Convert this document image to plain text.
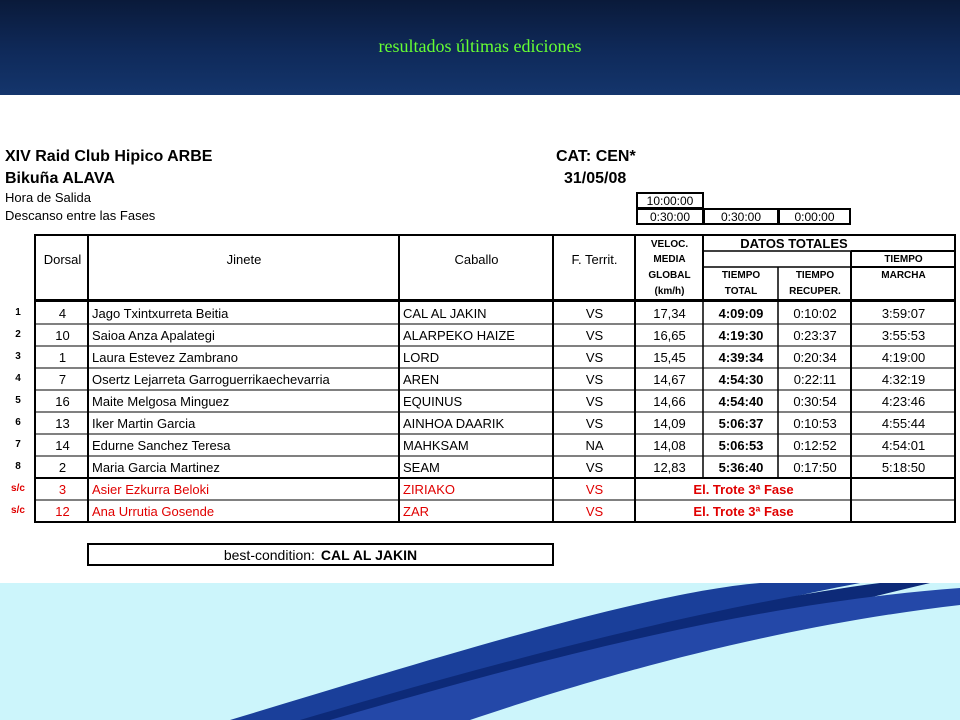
resultados últimas ediciones
XIV Raid Club Hipico ARBE
Bikuña ALAVA
Hora de Salida
Descanso entre las Fases
CAT: CEN*
31/05/08
10:00:00
0:30:00	0:30:00	0:00:00
Dorsal	Jinete	Caballo	F. Territ.
VELOC.
MEDIA
GLOBAL
(km/h)
DATOS TOTALES
TIEMPO
TOTAL
TIEMPO
RECUPER.
TIEMPO
MARCHA
1	4	Jago Txintxurreta Beitia	CAL AL JAKIN	VS	17,34	4:09:09	0:10:02	3:59:07
2	10	Saioa Anza Apalategi	ALARPEKO HAIZE	VS	16,65	4:19:30	0:23:37	3:55:53
3	1	Laura Estevez Zambrano	LORD	VS	15,45	4:39:34	0:20:34	4:19:00
4	7	Osertz Lejarreta Garroguerrikaechevarria	AREN	VS	14,67	4:54:30	0:22:11	4:32:19
5	16	Maite Melgosa Minguez	EQUINUS	VS	14,66	4:54:40	0:30:54	4:23:46
6	13	Iker Martin Garcia	AINHOA DAARIK	VS	14,09	5:06:37	0:10:53	4:55:44
7	14	Edurne Sanchez Teresa	MAHKSAM	NA	14,08	5:06:53	0:12:52	4:54:01
8	2	Maria Garcia Martinez	SEAM	VS	12,83	5:36:40	0:17:50	5:18:50
s/c	3	Asier Ezkurra Beloki	ZIRIAKO	VS	El. Trote 3ª Fase
s/c	12	Ana Urrutia Gosende	ZAR	VS	El. Trote 3ª Fase
best-condition: CAL AL JAKIN
